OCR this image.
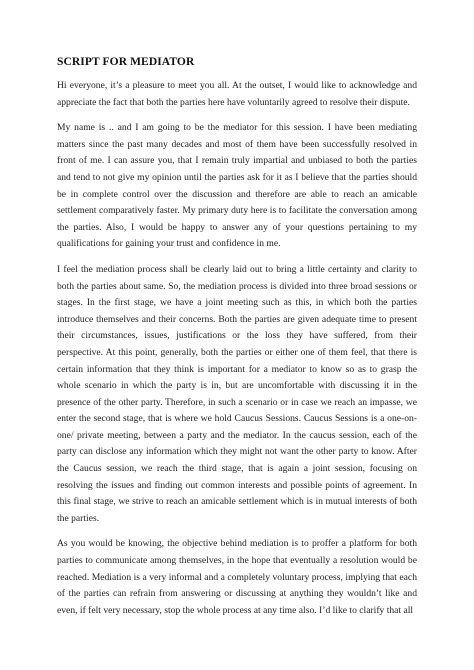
SCRIPT FOR MEDIATOR

Hi everyone, it’s a pleasure to meet you all. At the outset, I would like to acknowledge and appreciate the fact that both the parties here have voluntarily agreed to resolve their dispute.

My name is .. and I am going to be the mediator for this session. I have been mediating matters since the past many decades and most of them have been successfully resolved in front of me. I can assure you, that I remain truly impartial and unbiased to both the parties and tend to not give my opinion until the parties ask for it as I believe that the parties should be in complete control over the discussion and therefore are able to reach an amicable settlement comparatively faster. My primary duty here is to facilitate the conversation among the parties. Also, I would be happy to answer any of your questions pertaining to my qualifications for gaining your trust and confidence in me.

I feel the mediation process shall be clearly laid out to bring a little certainty and clarity to both the parties about same. So, the mediation process is divided into three broad sessions or stages. In the first stage, we have a joint meeting such as this, in which both the parties introduce themselves and their concerns. Both the parties are given adequate time to present their circumstances, issues, justifications or the loss they have suffered, from their perspective. At this point, generally, both the parties or either one of them feel, that there is certain information that they think is important for a mediator to know so as to grasp the whole scenario in which the party is in, but are uncomfortable with discussing it in the presence of the other party. Therefore, in such a scenario or in case we reach an impasse, we enter the second stage, that is where we hold Caucus Sessions. Caucus Sessions is a one-on-one/ private meeting, between a party and the mediator. In the caucus session, each of the party can disclose any information which they might not want the other party to know. After the Caucus session, we reach the third stage, that is again a joint session, focusing on resolving the issues and finding out common interests and possible points of agreement. In this final stage, we strive to reach an amicable settlement which is in mutual interests of both the parties.

As you would be knowing, the objective behind mediation is to proffer a platform for both parties to communicate among themselves, in the hope that eventually a resolution would be reached. Mediation is a very informal and a completely voluntary process, implying that each of the parties can refrain from answering or discussing at anything they wouldn’t like and even, if felt very necessary, stop the whole process at any time also. I’d like to clarify that all
